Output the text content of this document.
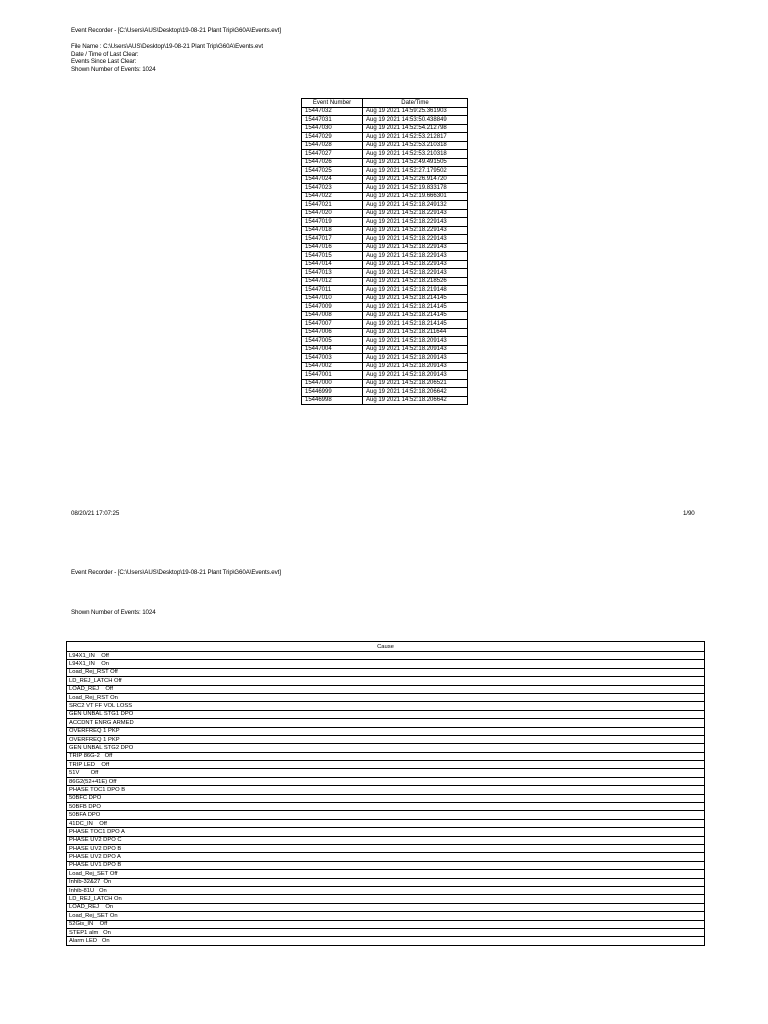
Event Recorder - [C:\Users\AUS\Desktop\19-08-21 Plant Trip\G60A\Events.evt]
File Name : C:\Users\AUS\Desktop\19-08-21 Plant Trip\G60A\Events.evt
Date / Time of Last Clear:
Events Since Last Clear:
Shown Number of Events: 1024
Event Number	Date/Time
15447032	Aug 19 2021 14:59:25.361903
15447031	Aug 19 2021 14:53:50.438849
15447030	Aug 19 2021 14:52:54.212798
15447029	Aug 19 2021 14:52:53.212817
15447028	Aug 19 2021 14:52:53.210318
15447027	Aug 19 2021 14:52:53.210318
15447026	Aug 19 2021 14:52:49.491505
15447025	Aug 19 2021 14:52:27.179502
15447024	Aug 19 2021 14:52:26.914720
15447023	Aug 19 2021 14:52:19.833178
15447022	Aug 19 2021 14:52:19.666301
15447021	Aug 19 2021 14:52:18.249132
15447020	Aug 19 2021 14:52:18.229143
15447019	Aug 19 2021 14:52:18.229143
15447018	Aug 19 2021 14:52:18.229143
15447017	Aug 19 2021 14:52:18.229143
15447016	Aug 19 2021 14:52:18.229143
15447015	Aug 19 2021 14:52:18.229143
15447014	Aug 19 2021 14:52:18.229143
15447013	Aug 19 2021 14:52:18.229143
15447012	Aug 19 2021 14:52:18.218526
15447011	Aug 19 2021 14:52:18.219148
15447010	Aug 19 2021 14:52:18.214145
15447009	Aug 19 2021 14:52:18.214145
15447008	Aug 19 2021 14:52:18.214145
15447007	Aug 19 2021 14:52:18.214145
15447006	Aug 19 2021 14:52:18.211644
15447005	Aug 19 2021 14:52:18.209143
15447004	Aug 19 2021 14:52:18.209143
15447003	Aug 19 2021 14:52:18.209143
15447002	Aug 19 2021 14:52:18.209143
15447001	Aug 19 2021 14:52:18.209143
15447000	Aug 19 2021 14:52:18.206521
15446999	Aug 19 2021 14:52:18.206642
15446998	Aug 19 2021 14:52:18.206642
08/20/21 17:07:25	1/90
Event Recorder - [C:\Users\AUS\Desktop\19-08-21 Plant Trip\G60A\Events.evt]
Shown Number of Events: 1024
Cause
L94X1_IN    Off
L94X1_IN    On
Load_Rej_RST Off
LD_REJ_LATCH Off
LOAD_REJ    Off
Load_Rej_RST On
SRC2 VT FF VOL LOSS
GEN UNBAL STG1 DPO
ACCDNT ENRG ARMED
OVERFREQ 1 PKP
OVERFREQ 1 PKP
GEN UNBAL STG2 DPO
TRIP 86G-2   Off
TRIP LED    Off
51V       Off
86G2(52+41E) Off
PHASE TOC1 DPO B
50BFC DPO
50BFB DPO
50BFA DPO
41DC_IN    Off
PHASE TOC1 DPO A
PHASE UV2 DPO C
PHASE UV2 DPO B
PHASE UV2 DPO A
PHASE UV1 DPO B
Load_Rej_SET Off
Inhib-32&27  On
Inhib-81U   On
LD_REJ_LATCH On
LOAD_REJ    On
Load_Rej_SET On
52Gis_IN    Off
STEP1 alm   On
Alarm LED   On
